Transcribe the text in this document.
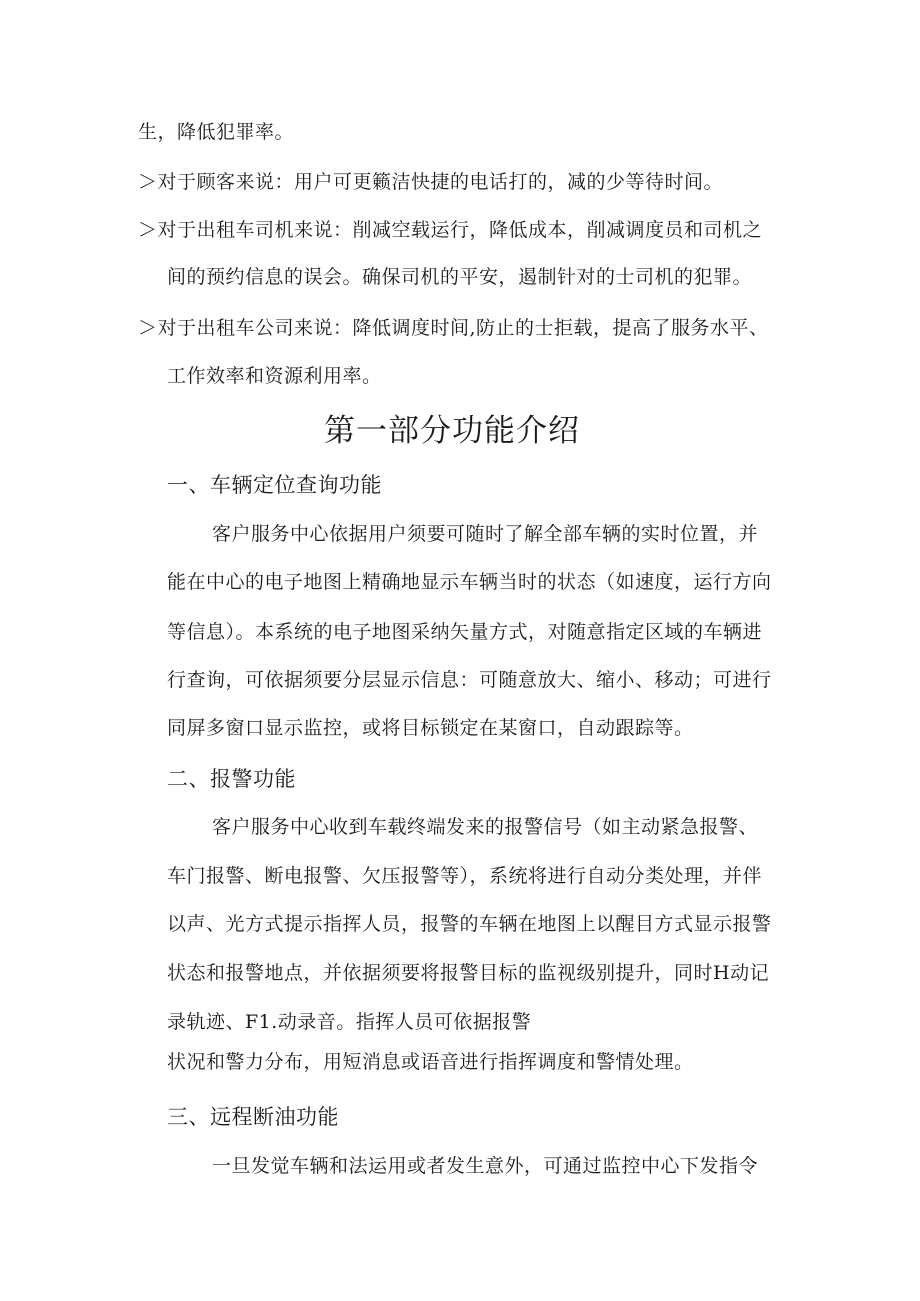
生，降低犯罪率。
＞对于顾客来说：用户可更籁洁快捷的电话打的，减的少等待时间。
＞对于出租车司机来说：削减空载运行，降低成本，削减调度员和司机之
间的预约信息的误会。确保司机的平安，遏制针对的士司机的犯罪。
＞对于出租车公司来说：降低调度时间,防止的士拒载，提高了服务水平、
工作效率和资源利用率。
第一部分功能介绍
一、车辆定位查询功能
客户服务中心依据用户须要可随时了解全部车辆的实时位置，并
能在中心的电子地图上精确地显示车辆当时的状态（如速度，运行方向
等信息）。本系统的电子地图采纳矢量方式，对随意指定区域的车辆进
行查询，可依据须要分层显示信息：可随意放大、缩小、移动；可进行
同屏多窗口显示监控，或将目标锁定在某窗口，自动跟踪等。
二、报警功能
客户服务中心收到车载终端发来的报警信号（如主动紧急报警、
车门报警、断电报警、欠压报警等），系统将进行自动分类处理，并伴
以声、光方式提示指挥人员，报警的车辆在地图上以醒目方式显示报警
状态和报警地点，并依据须要将报警目标的监视级别提升，同时H动记
录轨迹、F1.动录音。指挥人员可依据报警
状况和警力分布，用短消息或语音进行指挥调度和警情处理。
三、远程断油功能
一旦发觉车辆和法运用或者发生意外，可通过监控中心下发指令
